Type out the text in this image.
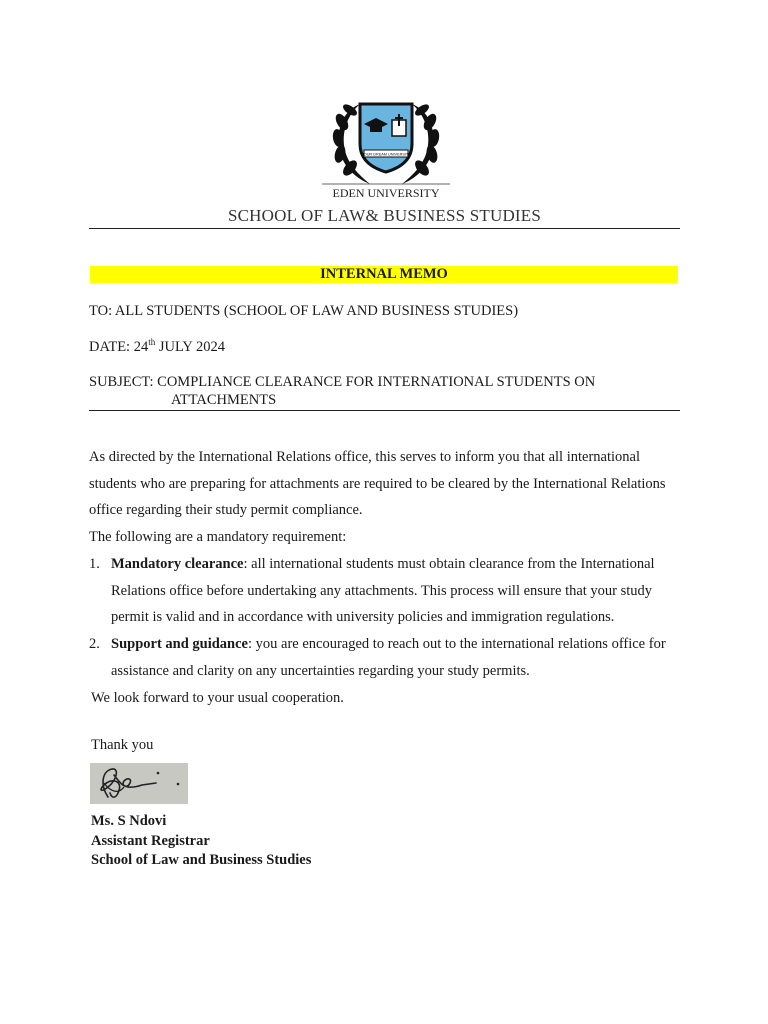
YOUR DREAM UNIVERSITY
EDEN UNIVERSITY
SCHOOL OF LAW& BUSINESS STUDIES
INTERNAL MEMO
TO: ALL STUDENTS (SCHOOL OF LAW AND BUSINESS STUDIES)
DATE: 24th JULY 2024
SUBJECT: COMPLIANCE CLEARANCE FOR INTERNATIONAL STUDENTS ON
ATTACHMENTS

As directed by the International Relations office, this serves to inform you that all international students who are preparing for attachments are required to be cleared by the International Relations office regarding their study permit compliance.

The following are a mandatory requirement:

1. Mandatory clearance: all international students must obtain clearance from the International Relations office before undertaking any attachments. This process will ensure that your study permit is valid and in accordance with university policies and immigration regulations.
2. Support and guidance: you are encouraged to reach out to the international relations office for assistance and clarity on any uncertainties regarding your study permits.
We look forward to your usual cooperation.
Thank you
Ms. S Ndovi
Assistant Registrar
School of Law and Business Studies
